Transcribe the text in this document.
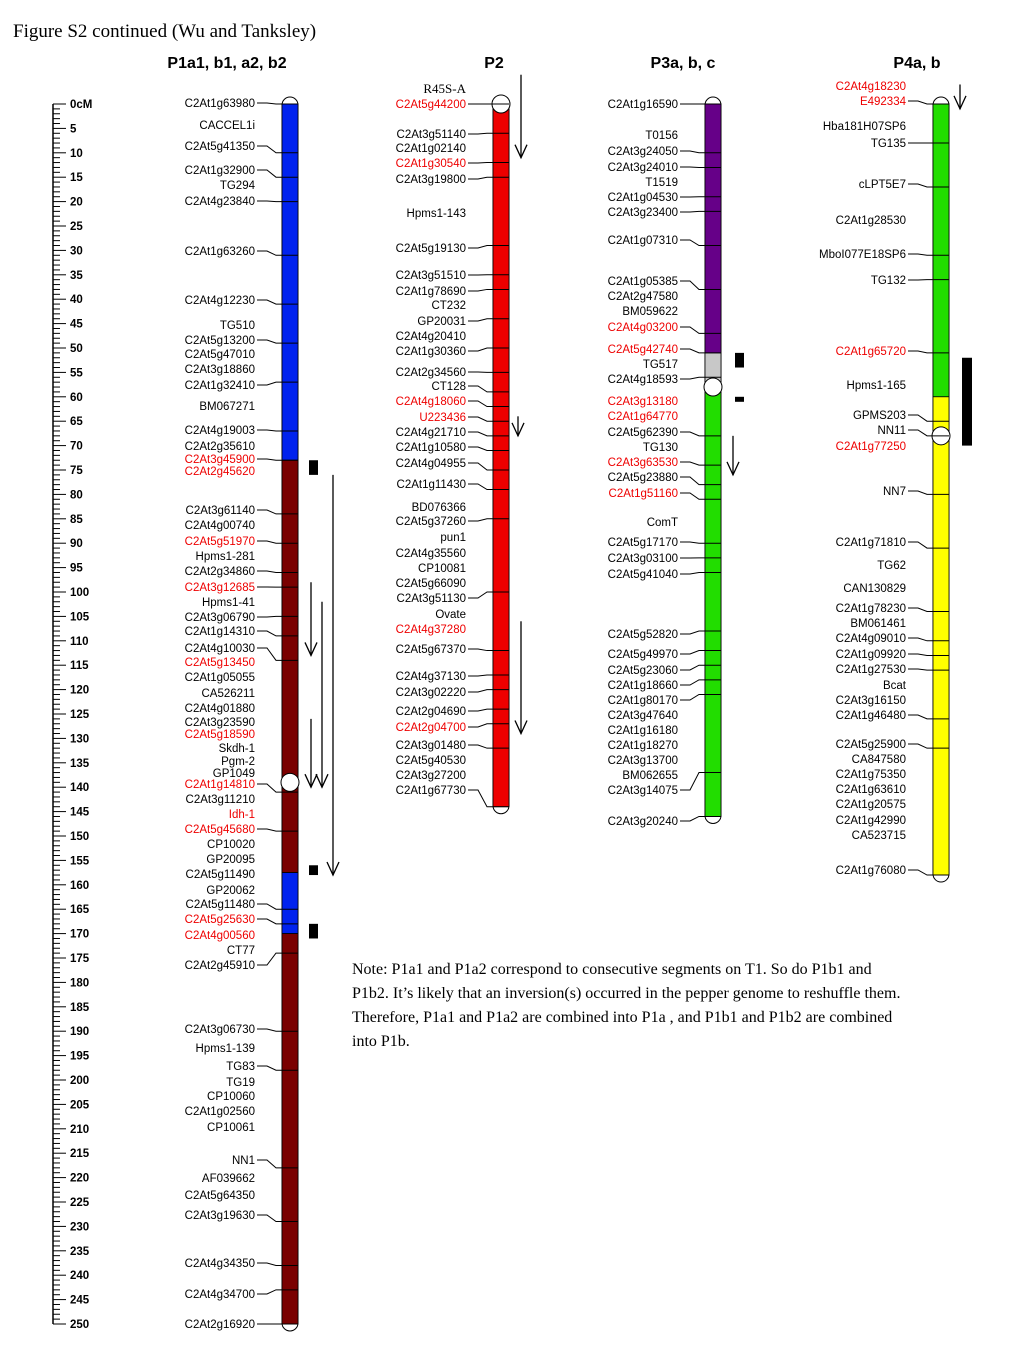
Figure S2 continued (Wu and Tanksley)
0cM
5
10
15
20
25
30
35
40
45
50
55
60
65
70
75
80
85
90
95
100
105
110
115
120
125
130
135
140
145
150
155
160
165
170
175
180
185
190
195
200
205
210
215
220
225
230
235
240
245
250
P1a1, b1, a2, b2
C2At1g63980
CACCEL1i
C2At5g41350
C2At1g32900
TG294
C2At4g23840
C2At1g63260
C2At4g12230
TG510
C2At5g13200
C2At5g47010
C2At3g18860
C2At1g32410
BM067271
C2At4g19003
C2At2g35610
C2At3g45900
C2At2g45620
C2At3g61140
C2At4g00740
C2At5g51970
Hpms1-281
C2At2g34860
C2At3g12685
Hpms1-41
C2At3g06790
C2At1g14310
C2At4g10030
C2At5g13450
C2At1g05055
CA526211
C2At4g01880
C2At3g23590
C2At5g18590
Skdh-1
Pgm-2
GP1049
C2At1g14810
C2At3g11210
Idh-1
C2At5g45680
CP10020
GP20095
C2At5g11490
GP20062
C2At5g11480
C2At5g25630
C2At4g00560
CT77
C2At2g45910
C2At3g06730
Hpms1-139
TG83
TG19
CP10060
C2At1g02560
CP10061
NN1
AF039662
C2At5g64350
C2At3g19630
C2At4g34350
C2At4g34700
C2At2g16920
P2
R45S-A
C2At5g44200
C2At3g51140
C2At1g02140
C2At1g30540
C2At3g19800
Hpms1-143
C2At5g19130
C2At3g51510
C2At1g78690
CT232
GP20031
C2At4g20410
C2At1g30360
C2At2g34560
CT128
C2At4g18060
U223436
C2At4g21710
C2At1g10580
C2At4g04955
C2At1g11430
BD076366
C2At5g37260
pun1
C2At4g35560
CP10081
C2At5g66090
C2At3g51130
Ovate
C2At4g37280
C2At5g67370
C2At4g37130
C2At3g02220
C2At2g04690
C2At2g04700
C2At3g01480
C2At5g40530
C2At3g27200
C2At1g67730
P3a, b, c
C2At1g16590
T0156
C2At3g24050
C2At3g24010
T1519
C2At1g04530
C2At3g23400
C2At1g07310
C2At1g05385
C2At2g47580
BM059622
C2At4g03200
C2At5g42740
TG517
C2At4g18593
C2At3g13180
C2At1g64770
C2At5g62390
TG130
C2At3g63530
C2At5g23880
C2At1g51160
ComT
C2At5g17170
C2At3g03100
C2At5g41040
C2At5g52820
C2At5g49970
C2At5g23060
C2At1g18660
C2At1g80170
C2At3g47640
C2At1g16180
C2At1g18270
C2At3g13700
BM062655
C2At3g14075
C2At3g20240
P4a, b
C2At4g18230
E492334
Hba181H07SP6
TG135
cLPT5E7
C2At1g28530
MboI077E18SP6
TG132
C2At1g65720
Hpms1-165
GPMS203
NN11
C2At1g77250
NN7
C2At1g71810
TG62
CAN130829
C2At1g78230
BM061461
C2At4g09010
C2At1g09920
C2At1g27530
Bcat
C2At3g16150
C2At1g46480
C2At5g25900
CA847580
C2At1g75350
C2At1g63610
C2At1g20575
C2At1g42990
CA523715
C2At1g76080
Note: P1a1 and P1a2 correspond to consecutive segments on T1. So do P1b1 and P1b2. It’s likely that an inversion(s) occurred in the pepper genome to reshuffle them. Therefore, P1a1 and P1a2 are combined into P1a , and P1b1 and P1b2 are combined into P1b.
